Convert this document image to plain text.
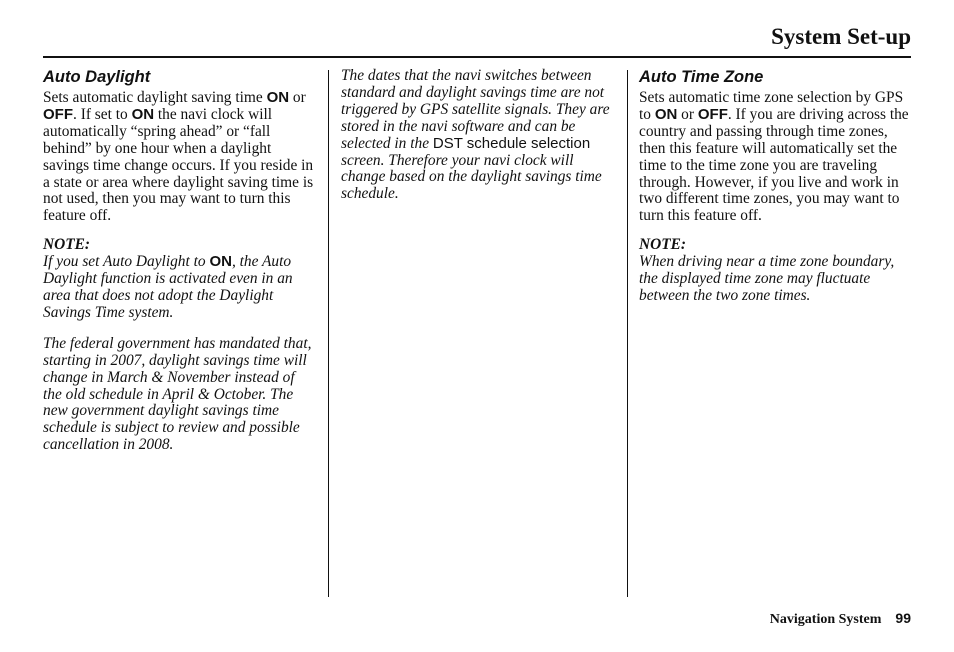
System Set-up
Auto Daylight

Sets automatic daylight saving time ON or OFF. If set to ON the navi clock will automatically “spring ahead” or “fall behind” by one hour when a daylight savings time change occurs. If you reside in a state or area where daylight saving time is not used, then you may want to turn this feature off.

NOTE:

If you set Auto Daylight to ON, the Auto Daylight function is activated even in an area that does not adopt the Daylight Savings Time system.

The federal government has mandated that, starting in 2007, daylight savings time will change in March & November instead of the old schedule in April & October. The new government daylight savings time schedule is subject to review and possible cancellation in 2008.

The dates that the navi switches between standard and daylight savings time are not triggered by GPS satellite signals. They are stored in the navi software and can be selected in the DST schedule selection screen. Therefore your navi clock will change based on the daylight savings time schedule.

Auto Time Zone

Sets automatic time zone selection by GPS to ON or OFF. If you are driving across the country and passing through time zones, then this feature will automatically set the time to the time zone you are traveling through. However, if you live and work in two different time zones, you may want to turn this feature off.

NOTE:

When driving near a time zone boundary, the displayed time zone may fluctuate between the two zone times.

Navigation System 99
